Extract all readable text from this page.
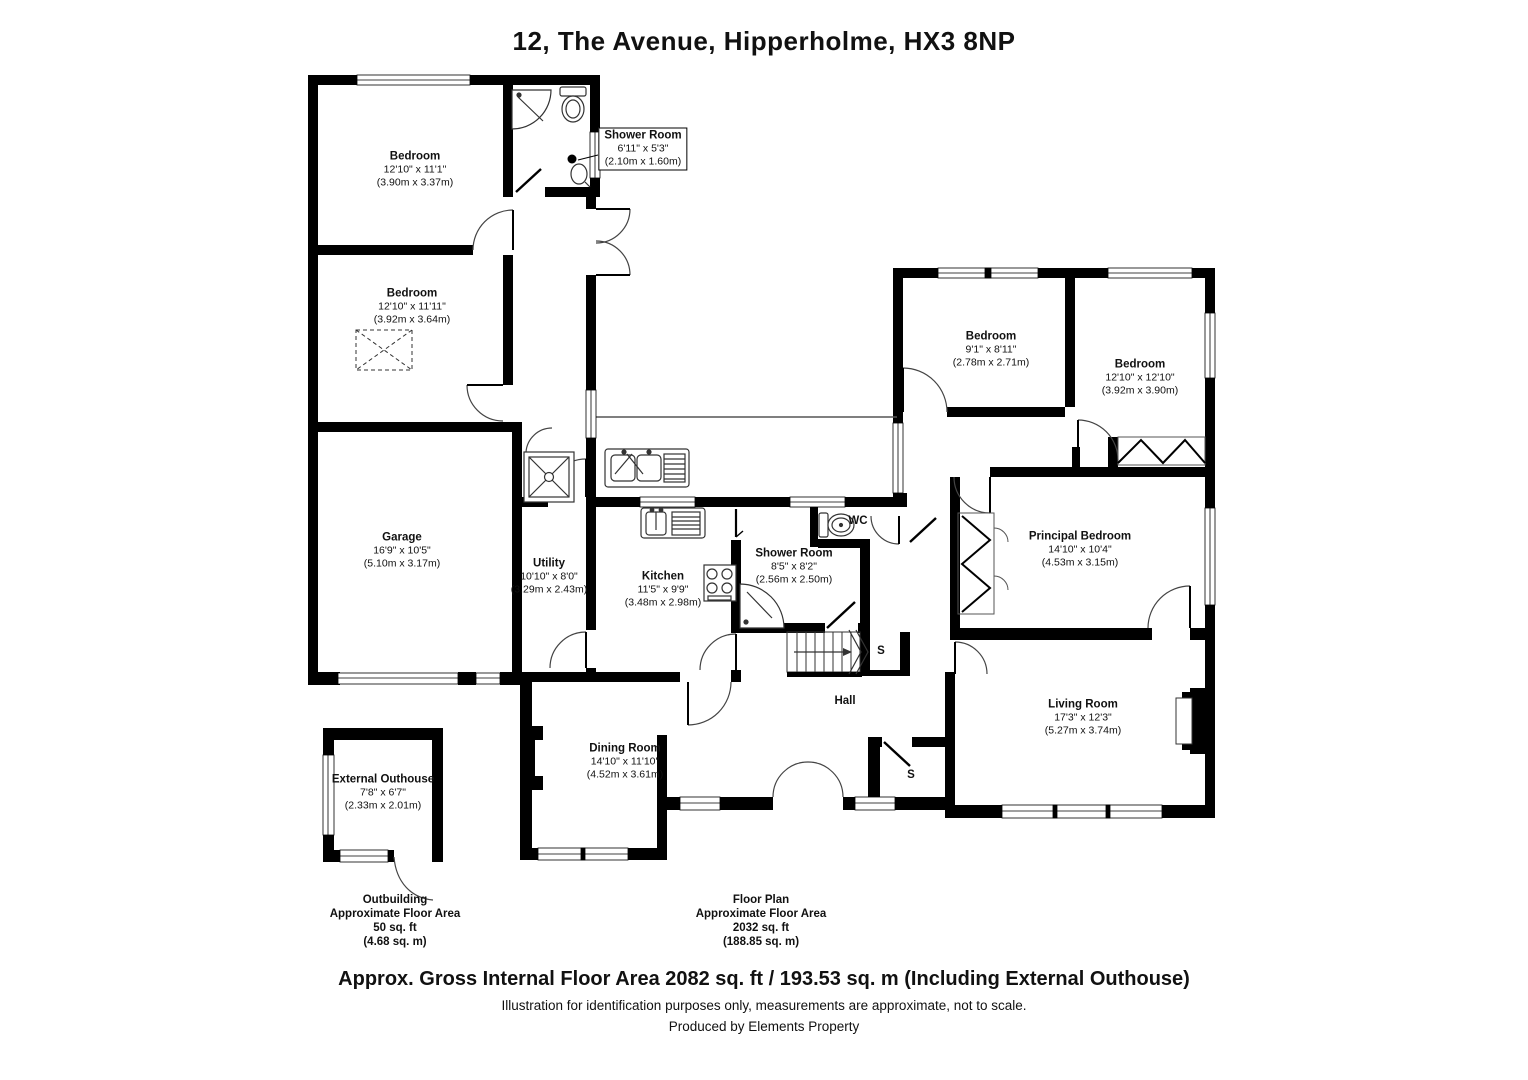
12, The Avenue, Hipperholme, HX3 8NP
Bedroom
12'10" x 11'1"
(3.90m x 3.37m)
Shower Room
6'11" x 5'3"
(2.10m x 1.60m)
Bedroom
12'10" x 11'11"
(3.92m x 3.64m)
Garage
16'9" x 10'5"
(5.10m x 3.17m)	Utility
10'10" x 8'0"
(3.29m x 2.43m)
Kitchen
11'5" x 9'9"
(3.48m x 2.98m)
Shower Room
8'5" x 8'2"
(2.56m x 2.50m)
Bedroom
9'1" x 8'11"
(2.78m x 2.71m)	Bedroom
12'10" x 12'10"
(3.92m x 3.90m)
Principal Bedroom
14'10" x 10'4"
(4.53m x 3.15m)
Living Room
17'3" x 12'3"
(5.27m x 3.74m)
Dining Room
14'10" x 11'10"
(4.52m x 3.61m)
External Outhouse
7'8" x 6'7"
(2.33m x 2.01m)
WC
Hall
S
S
Outbuilding
Approximate Floor Area
50 sq. ft
(4.68 sq. m)
Floor Plan
Approximate Floor Area
2032 sq. ft
(188.85 sq. m)
Approx. Gross Internal Floor Area 2082 sq. ft / 193.53 sq. m (Including External Outhouse)
Illustration for identification purposes only, measurements are approximate, not to scale.
Produced by Elements Property
